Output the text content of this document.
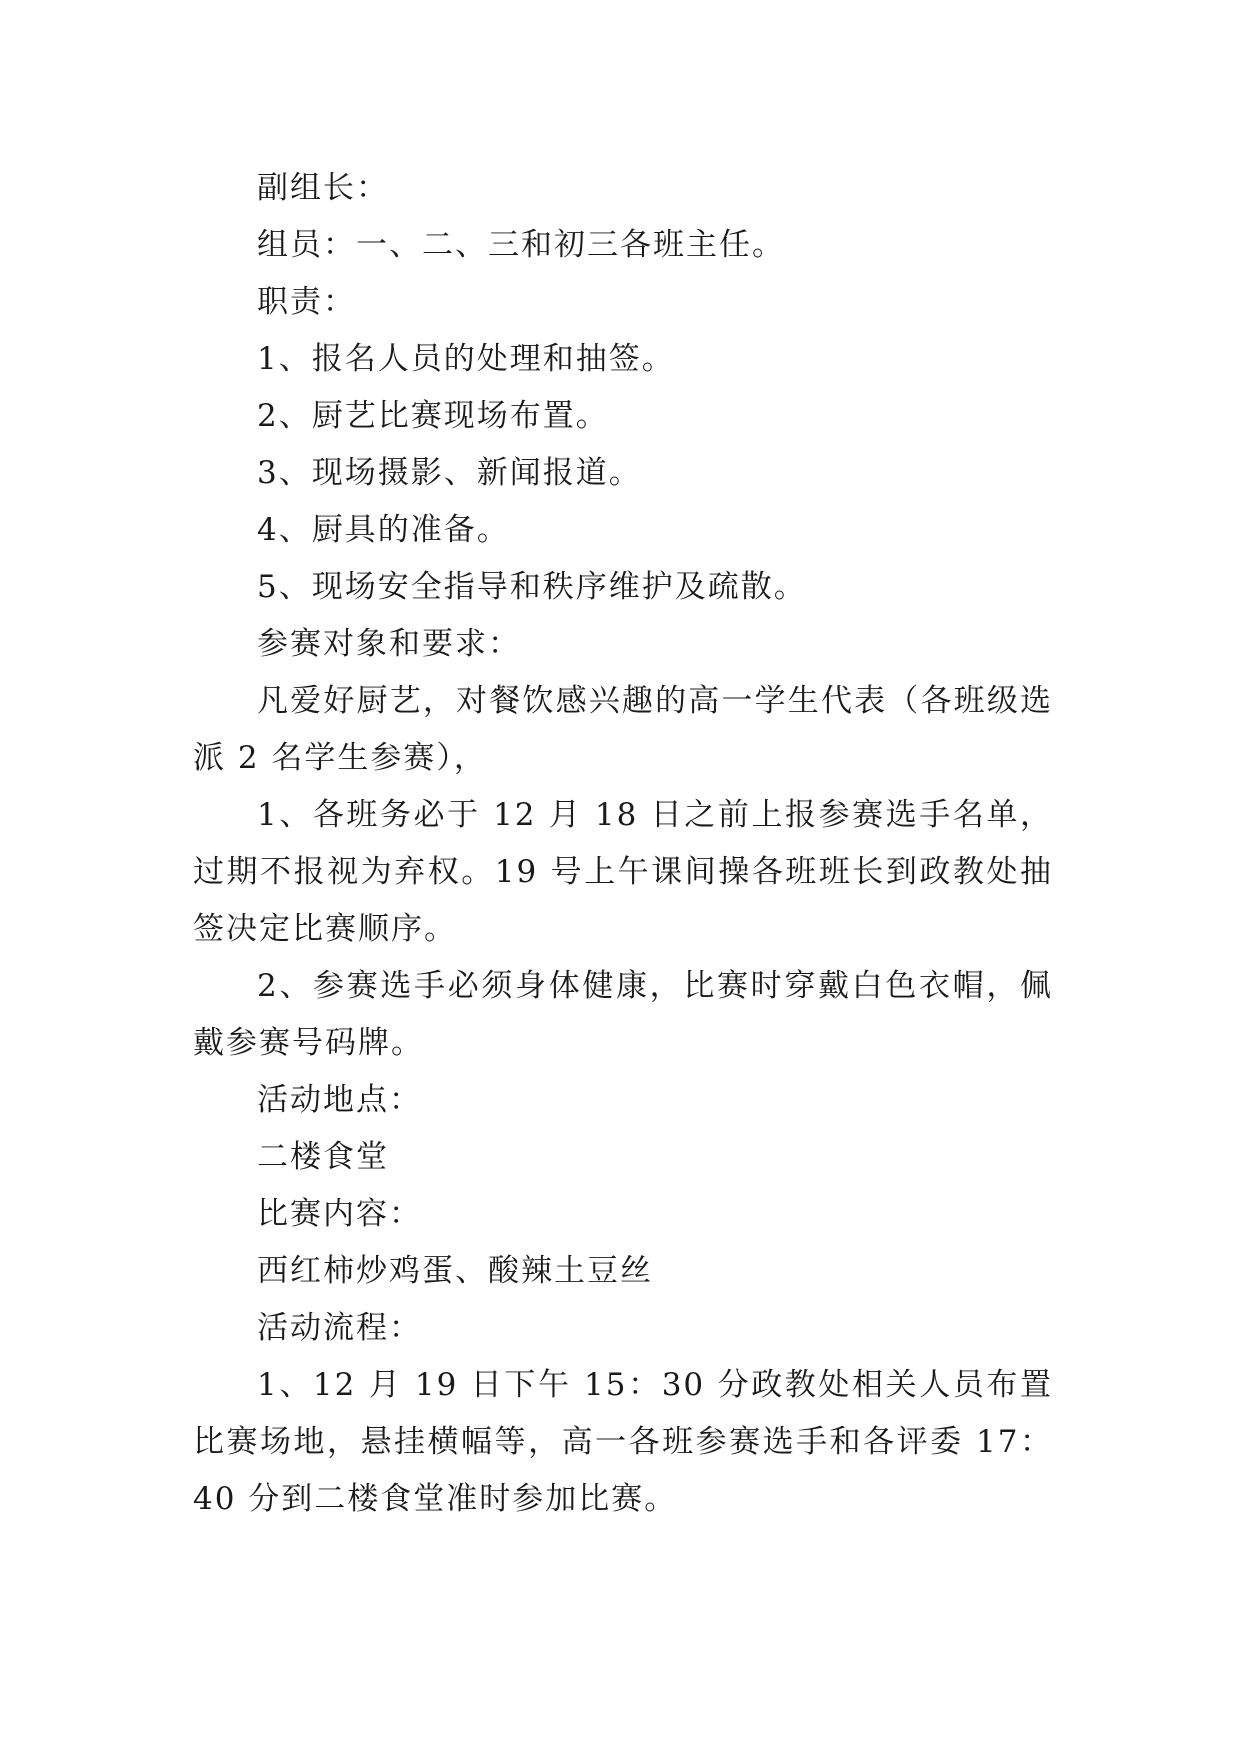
副组长：

组员：一、二、三和初三各班主任。

职责：

1、报名人员的处理和抽签。

2、厨艺比赛现场布置。

3、现场摄影、新闻报道。

4、厨具的准备。

5、现场安全指导和秩序维护及疏散。

参赛对象和要求：

凡爱好厨艺，对餐饮感兴趣的高一学生代表（各班级选派 2 名学生参赛），

1、各班务必于 12 月 18 日之前上报参赛选手名单，过期不报视为弃权。19 号上午课间操各班班长到政教处抽签决定比赛顺序。

2、参赛选手必须身体健康，比赛时穿戴白色衣帽，佩戴参赛号码牌。

活动地点：

二楼食堂

比赛内容：

西红柿炒鸡蛋、酸辣土豆丝

活动流程：

1、12 月 19 日下午 15：30 分政教处相关人员布置比赛场地，悬挂横幅等，高一各班参赛选手和各评委 17：40 分到二楼食堂准时参加比赛。
